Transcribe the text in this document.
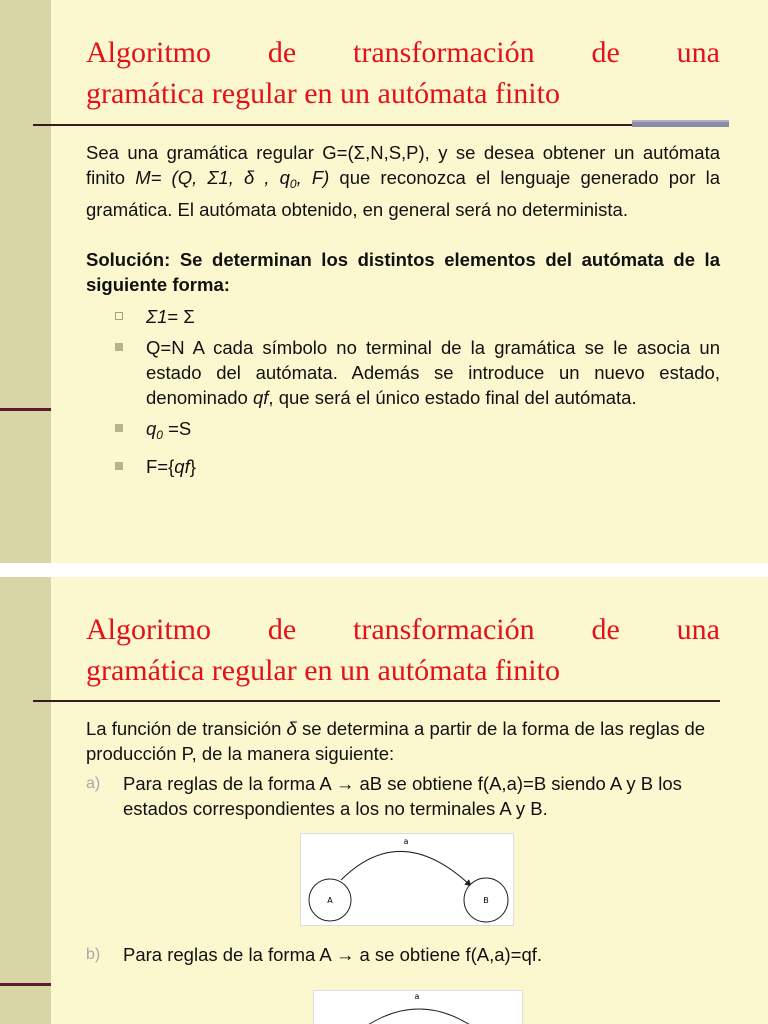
Algoritmo de transformación de una
gramática regular en un autómata finito

Sea una gramática regular G=(Σ,N,S,P), y se desea obtener un autómata finito M= (Q, Σ1, δ , $q_0$, F) que reconozca el lenguaje generado por la gramática. El autómata obtenido, en general será no determinista.

Solución: Se determinan los distintos elementos del autómata de la siguiente forma:

Σ1= Σ
Q=N A cada símbolo no terminal de la gramática se le asocia un estado del autómata. Además se introduce un nuevo estado, denominado qf, que será el único estado final del autómata.
$q_0 =S$
F={qf}
Algoritmo de transformación de una
gramática regular en un autómata finito

La función de transición δ se determina a partir de la forma de las reglas de producción P, de la manera siguiente:

a) Para reglas de la forma A → aB se obtiene f(A,a)=B siendo A y B los estados correspondientes a los no terminales A y B.
a
A	B
b) Para reglas de la forma A → a se obtiene f(A,a)=qf.
a
